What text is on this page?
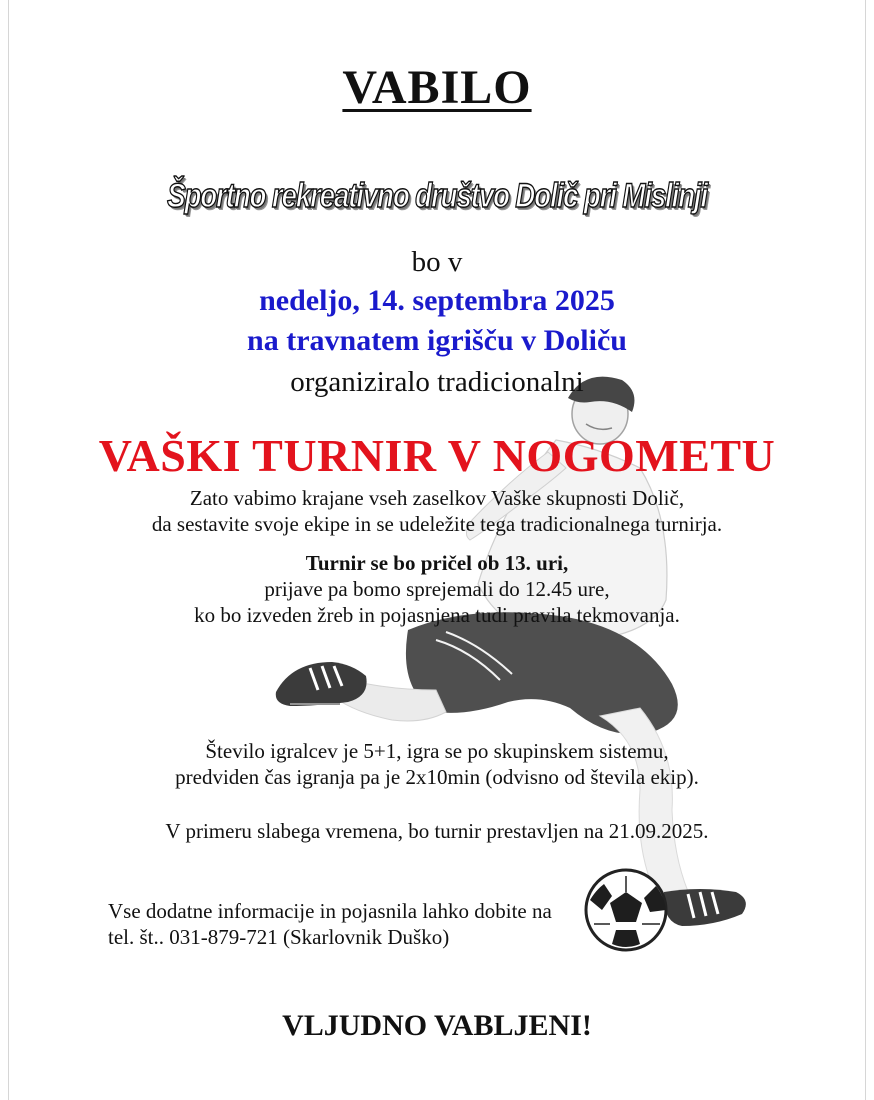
VABILO
Športno rekreativno društvo Dolič pri Mislinji
bo v
nedeljo, 14. septembra 2025
na travnatem igrišču v Doliču
organiziralo tradicionalni
VAŠKI TURNIR V NOGOMETU
Zato vabimo krajane vseh zaselkov Vaške skupnosti Dolič,
da sestavite svoje ekipe in se udeležite tega tradicionalnega turnirja.
Turnir se bo pričel ob 13. uri,
prijave pa bomo sprejemali do 12.45 ure,
ko bo izveden žreb in pojasnjena tudi pravila tekmovanja.
Število igralcev je 5+1, igra se po skupinskem sistemu,
predviden čas igranja pa je 2x10min (odvisno od števila ekip).
V primeru slabega vremena, bo turnir prestavljen na 21.09.2025.
Vse dodatne informacije in pojasnila lahko dobite na
tel. št.. 031-879-721 (Skarlovnik Duško)
VLJUDNO VABLJENI!
